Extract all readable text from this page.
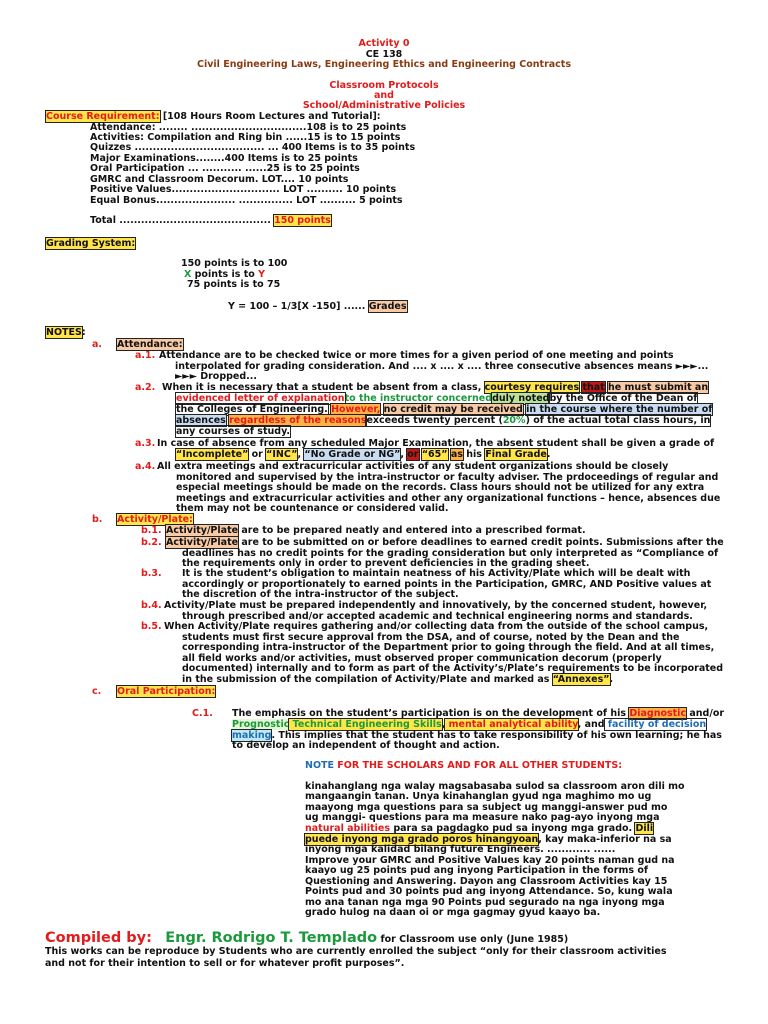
Activity 0
CE 138
Civil Engineering Laws, Engineering Ethics and Engineering Contracts
Classroom Protocols
and
School/Administrative Policies
Course Requirement: [108 Hours Room Lectures and Tutorial]:
Attendance: ........ ................................108 is to 25 points
Activities: Compilation and Ring bin ......15 is to 15 points
Quizzes .................................... ... 400 Items is to 35 points
Major Examinations........400 Items is to 25 points
Oral Participation ... ........... ......25 is to 25 points
GMRC and Classroom Decorum. LOT.... 10 points
Positive Values.............................. LOT .......... 10 points
Equal Bonus...................... ............... LOT .......... 5 points
Total .......................................... 150 points
Grading System:
150 points is to 100
X points is to Y
75 points is to 75
Y = 100 – 1/3[X -150] ...... Grades
NOTES:
a. Attendance:
a.1. Attendance are to be checked twice or more times for a given period of one meeting and points
interpolated for grading consideration. And .... x .... x .... three consecutive absences means ►►►...
►►► Dropped...
a.2. When it is necessary that a student be absent from a class, courtesy requires that he must submit an
evidenced letter of explanationto the instructor concernedduly notedby the Office of the Dean of
the Colleges of Engineering. However, no credit may be received in the course where the number of
absences regardless of the reasonsexceeds twenty percent (20%) of the actual total class hours, in
any courses of study.
a.3. In case of absence from any scheduled Major Examination, the absent student shall be given a grade of
“Incomplete” or “INC”, “No Grade or NG”, or “65” as his Final Grade.
a.4. All extra meetings and extracurricular activities of any student organizations should be closely
monitored and supervised by the intra-instructor or faculty adviser. The prdoceedings of regular and
especial meetings should be made on the records. Class hours should not be utilized for any extra
meetings and extracurricular activities and other any organizational functions – hence, absences due
them may not be countenance or considered valid.
b. Activity/Plate:
b.1. Activity/Plate are to be prepared neatly and entered into a prescribed format.
b.2. Activity/Plate are to be submitted on or before deadlines to earned credit points. Submissions after the
deadlines has no credit points for the grading consideration but only interpreted as “Compliance of
the requirements only in order to prevent deficiencies in the grading sheet.
b.3. It is the student’s obligation to maintain neatness of his Activity/Plate which will be dealt with
accordingly or proportionately to earned points in the Participation, GMRC, AND Positive values at
the discretion of the intra-instructor of the subject.
b.4. Activity/Plate must be prepared independently and innovatively, by the concerned student, however,
through prescribed and/or accepted academic and technical engineering norms and standards.
b.5. When Activity/Plate requires gathering and/or collecting data from the outside of the school campus,
students must first secure approval from the DSA, and of course, noted by the Dean and the
corresponding intra-instructor of the Department prior to going through the field. And at all times,
all field works and/or activities, must observed proper communication decorum (properly
documented) internally and to form as part of the Activity’s/Plate’s requirements to be incorporated
in the submission of the compilation of Activity/Plate and marked as “Annexes”.
c. Oral Participation:
C.1. The emphasis on the student’s participation is on the development of his Diagnostic and/or
Prognostic Technical Engineering Skills, mental analytical ability, and facility of decision
making. This implies that the student has to take responsibility of his own learning; he has
to develop an independent of thought and action.
NOTE FOR THE SCHOLARS AND FOR ALL OTHER STUDENTS:
kinahanglang nga walay magsabasaba sulod sa classroom aron dili mo
mangaangin tanan. Unya kinahanglan gyud nga maghimo mo ug
maayong mga questions para sa subject ug manggi-answer pud mo
ug manggi- questions para ma measure nako pag-ayo inyong mga
natural abilities para sa pagdagko pud sa inyong mga grado. Dili
puede inyong mga grado poros hinangyoan, kay maka-inferior na sa
inyong mga kalidad bilang future Engineers. ............ ......
Improve your GMRC and Positive Values kay 20 points naman gud na
kaayo ug 25 points pud ang inyong Participation in the forms of
Questioning and Answering. Dayon ang Classroom Activities kay 15
Points pud and 30 points pud ang inyong Attendance. So, kung wala
mo ana tanan nga mga 90 Points pud segurado na nga inyong mga
grado hulog na daan oi or mga gagmay gyud kaayo ba.
Compiled by: Engr. Rodrigo T. Templado for Classroom use only (June 1985)
This works can be reproduce by Students who are currently enrolled the subject “only for their classroom activities
and not for their intention to sell or for whatever profit purposes”.
